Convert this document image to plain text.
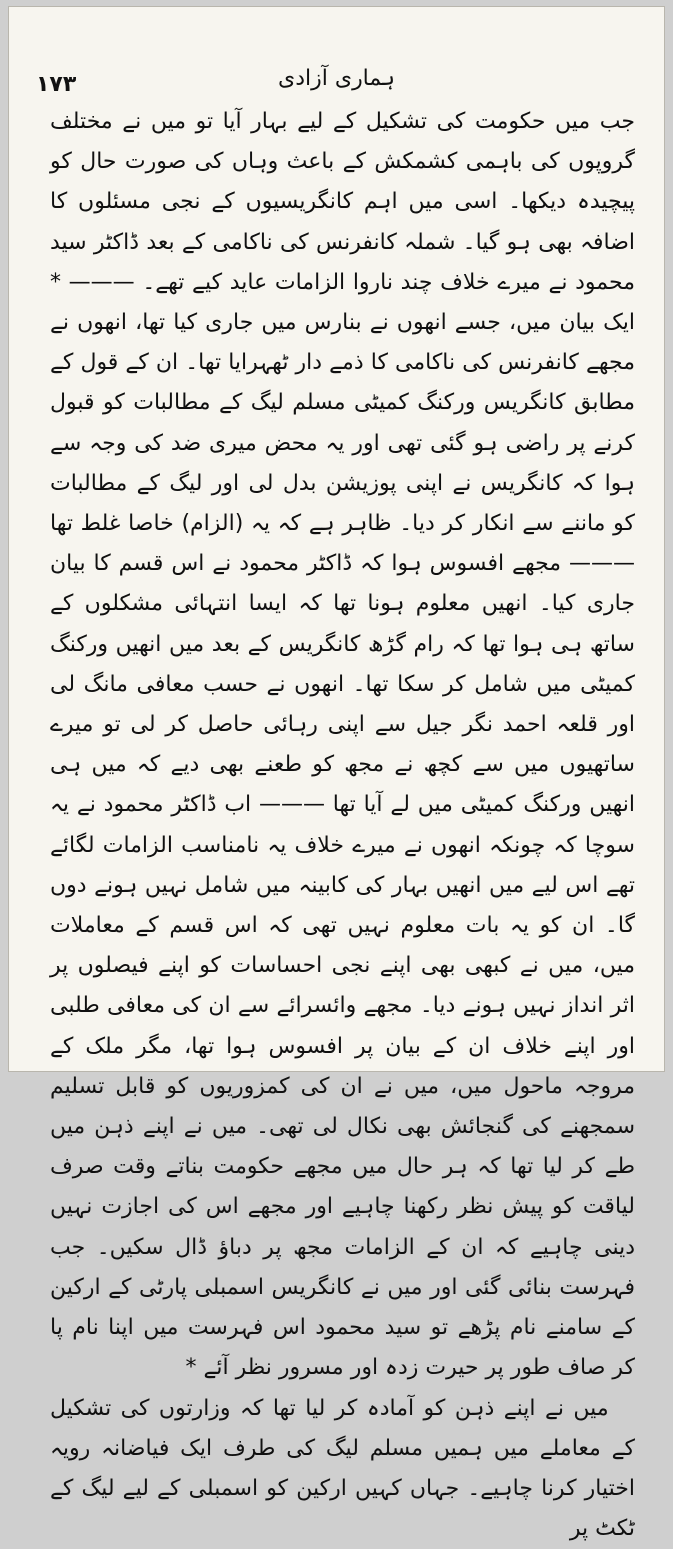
۱۷۳	ہماری آزادی

جب میں حکومت کی تشکیل کے لیے بہار آیا تو میں نے مختلف گروپوں کی باہمی کشمکش کے باعث وہاں کی صورت حال کو پیچیدہ دیکھا۔ اسی میں اہم کانگریسیوں کے نجی مسئلوں کا اضافہ بھی ہو گیا۔ شملہ کانفرنس کی ناکامی کے بعد ڈاکٹر سید محمود نے میرے خلاف چند ناروا الزامات عاید کیے تھے۔ ——— * ایک بیان میں، جسے انھوں نے بنارس میں جاری کیا تھا، انھوں نے مجھے کانفرنس کی ناکامی کا ذمے دار ٹھہرایا تھا۔ ان کے قول کے مطابق کانگریس ورکنگ کمیٹی مسلم لیگ کے مطالبات کو قبول کرنے پر راضی ہو گئی تھی اور یہ محض میری ضد کی وجہ سے ہوا کہ کانگریس نے اپنی پوزیشن بدل لی اور لیگ کے مطالبات کو ماننے سے انکار کر دیا۔ ظاہر ہے کہ یہ (الزام) خاصا غلط تھا ——— مجھے افسوس ہوا کہ ڈاکٹر محمود نے اس قسم کا بیان جاری کیا۔ انھیں معلوم ہونا تھا کہ ایسا انتہائی مشکلوں کے ساتھ ہی ہوا تھا کہ رام گڑھ کانگریس کے بعد میں انھیں ورکنگ کمیٹی میں شامل کر سکا تھا۔ انھوں نے حسب معافی مانگ لی اور قلعہ احمد نگر جیل سے اپنی رہائی حاصل کر لی تو میرے ساتھیوں میں سے کچھ نے مجھ کو طعنے بھی دیے کہ میں ہی انھیں ورکنگ کمیٹی میں لے آیا تھا ——— اب ڈاکٹر محمود نے یہ سوچا کہ چونکہ انھوں نے میرے خلاف یہ نامناسب الزامات لگائے تھے اس لیے میں انھیں بہار کی کابینہ میں شامل نہیں ہونے دوں گا۔ ان کو یہ بات معلوم نہیں تھی کہ اس قسم کے معاملات میں، میں نے کبھی بھی اپنے نجی احساسات کو اپنے فیصلوں پر اثر انداز نہیں ہونے دیا۔ مجھے وائسرائے سے ان کی معافی طلبی اور اپنے خلاف ان کے بیان پر افسوس ہوا تھا، مگر ملک کے مروجہ ماحول میں، میں نے ان کی کمزوریوں کو قابل تسلیم سمجھنے کی گنجائش بھی نکال لی تھی۔ میں نے اپنے ذہن میں طے کر لیا تھا کہ ہر حال میں مجھے حکومت بناتے وقت صرف لیاقت کو پیش نظر رکھنا چاہیے اور مجھے اس کی اجازت نہیں دینی چاہیے کہ ان کے الزامات مجھ پر دباؤ ڈال سکیں۔ جب فہرست بنائی گئی اور میں نے کانگریس اسمبلی پارٹی کے ارکین کے سامنے نام پڑھے تو سید محمود اس فہرست میں اپنا نام پا کر صاف طور پر حیرت زدہ اور مسرور نظر آئے *

میں نے اپنے ذہن کو آمادہ کر لیا تھا کہ وزارتوں کی تشکیل کے معاملے میں ہمیں مسلم لیگ کی طرف ایک فیاضانہ رویہ اختیار کرنا چاہیے۔ جہاں کہیں ارکین کو اسمبلی کے لیے لیگ کے ٹکٹ پر
